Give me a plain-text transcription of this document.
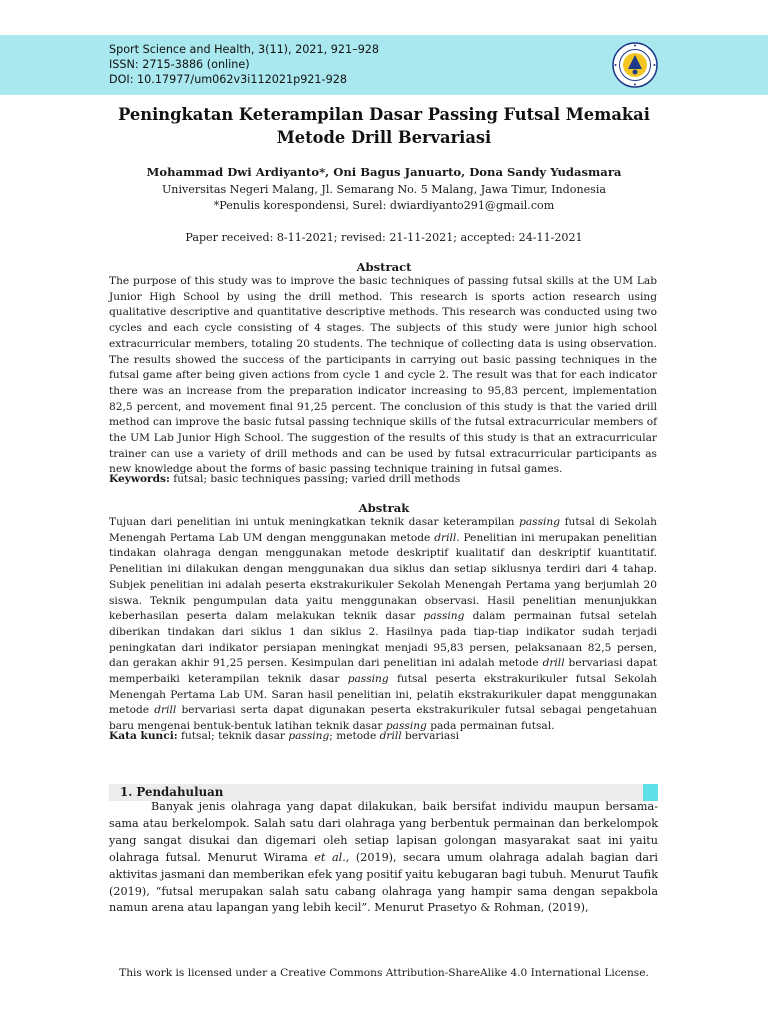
Sport Science and Health, 3(11), 2021, 921–928
ISSN: 2715-3886 (online)
DOI: 10.17977/um062v3i112021p921-928
Peningkatan Keterampilan Dasar Passing Futsal Memakai
Metode Drill Bervariasi
Mohammad Dwi Ardiyanto*, Oni Bagus Januarto, Dona Sandy Yudasmara
Universitas Negeri Malang, Jl. Semarang No. 5 Malang, Jawa Timur, Indonesia
*Penulis korespondensi, Surel: dwiardiyanto291@gmail.com
Paper received: 8-11-2021; revised: 21-11-2021; accepted: 24-11-2021
Abstract
The purpose of this study was to improve the basic techniques of passing futsal skills at the UM Lab Junior High School by using the drill method. This research is sports action research using qualitative descriptive and quantitative descriptive methods. This research was conducted using two cycles and each cycle consisting of 4 stages. The subjects of this study were junior high school extracurricular members, totaling 20 students. The technique of collecting data is using observation. The results showed the success of the participants in carrying out basic passing techniques in the futsal game after being given actions from cycle 1 and cycle 2. The result was that for each indicator there was an increase from the preparation indicator increasing to 95,83 percent, implementation 82,5 percent, and movement final 91,25 percent. The conclusion of this study is that the varied drill method can improve the basic futsal passing technique skills of the futsal extracurricular members of the UM Lab Junior High School. The suggestion of the results of this study is that an extracurricular trainer can use a variety of drill methods and can be used by futsal extracurricular participants as new knowledge about the forms of basic passing technique training in futsal games.
Keywords: futsal; basic techniques passing; varied drill methods
Abstrak
Tujuan dari penelitian ini untuk meningkatkan teknik dasar keterampilan passing futsal di Sekolah Menengah Pertama Lab UM dengan menggunakan metode drill. Penelitian ini merupakan penelitian tindakan olahraga dengan menggunakan metode deskriptif kualitatif dan deskriptif kuantitatif. Penelitian ini dilakukan dengan menggunakan dua siklus dan setiap siklusnya terdiri dari 4 tahap. Subjek penelitian ini adalah peserta ekstrakurikuler Sekolah Menengah Pertama yang berjumlah 20 siswa. Teknik pengumpulan data yaitu menggunakan observasi. Hasil penelitian menunjukkan keberhasilan peserta dalam melakukan teknik dasar passing dalam permainan futsal setelah diberikan tindakan dari siklus 1 dan siklus 2. Hasilnya pada tiap-tiap indikator sudah terjadi peningkatan dari indikator persiapan meningkat menjadi 95,83 persen, pelaksanaan 82,5 persen, dan gerakan akhir 91,25 persen. Kesimpulan dari penelitian ini adalah metode drill bervariasi dapat memperbaiki keterampilan teknik dasar passing futsal peserta ekstrakurikuler futsal Sekolah Menengah Pertama Lab UM. Saran hasil penelitian ini, pelatih ekstrakurikuler dapat menggunakan metode drill bervariasi serta dapat digunakan peserta ekstrakurikuler futsal sebagai pengetahuan baru mengenai bentuk-bentuk latihan teknik dasar passing pada permainan futsal.
Kata kunci: futsal; teknik dasar passing; metode drill bervariasi
1. Pendahuluan
Banyak jenis olahraga yang dapat dilakukan, baik bersifat individu maupun bersama-sama atau berkelompok. Salah satu dari olahraga yang berbentuk permainan dan berkelompok yang sangat disukai dan digemari oleh setiap lapisan golongan masyarakat saat ini yaitu olahraga futsal. Menurut Wirama et al., (2019), secara umum olahraga adalah bagian dari aktivitas jasmani dan memberikan efek yang positif yaitu kebugaran bagi tubuh. Menurut Taufik (2019), “futsal merupakan salah satu cabang olahraga yang hampir sama dengan sepakbola namun arena atau lapangan yang lebih kecil”. Menurut Prasetyo & Rohman, (2019),
This work is licensed under a Creative Commons Attribution-ShareAlike 4.0 International License.
